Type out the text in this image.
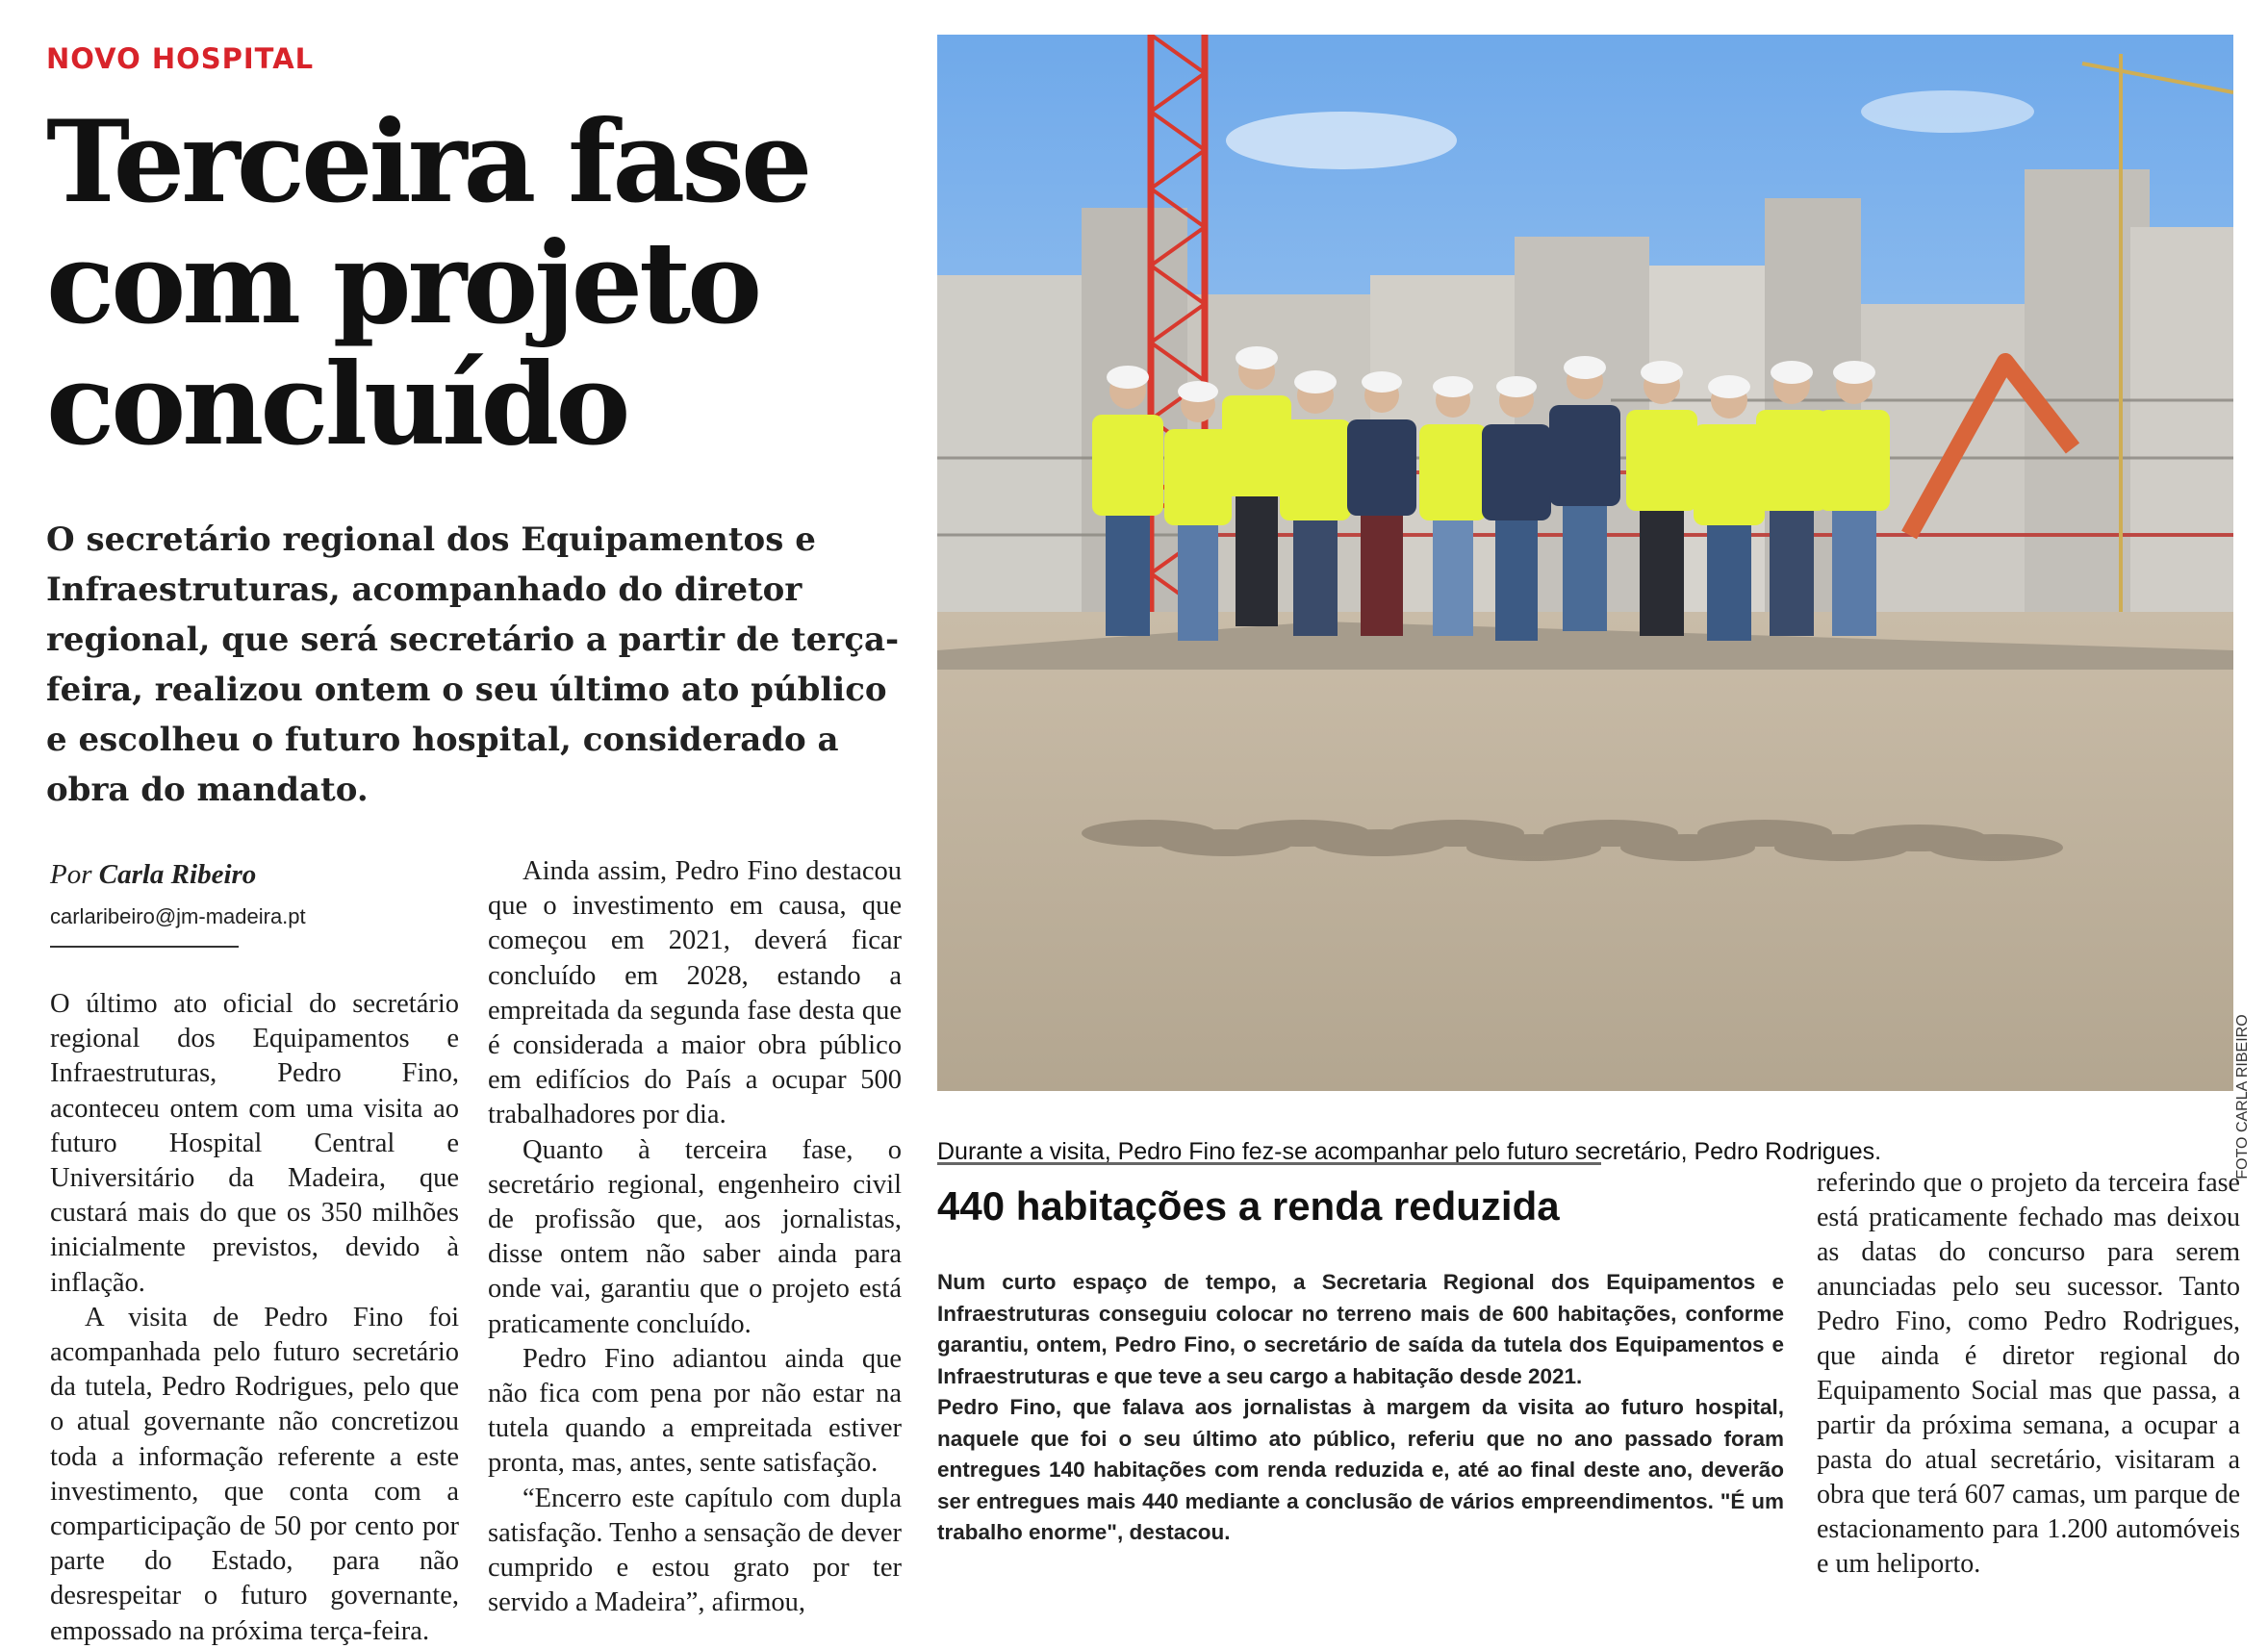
NOVO HOSPITAL
Terceira fase
com projeto
concluído

O secretário regional dos Equipamentos e Infraestruturas, acompanhado do diretor regional, que será secretário a partir de terça-feira, realizou ontem o seu último ato público e escolheu o futuro hospital, considerado a obra do mandato.

Por Carla Ribeiro
carlaribeiro@jm-madeira.pt

O último ato oficial do secretário regional dos Equipamentos e Infraestruturas, Pedro Fino, aconteceu ontem com uma visita ao futuro Hospital Central e Universitário da Madeira, que custará mais do que os 350 milhões inicialmente previstos, devido à inflação.

A visita de Pedro Fino foi acompanhada pelo futuro secretário da tutela, Pedro Rodrigues, pelo que o atual governante não concretizou toda a informação referente a este investimento, que conta com a comparticipação de 50 por cento por parte do Estado, para não desrespeitar o futuro governante, empossado na próxima terça-feira.

Ainda assim, Pedro Fino destacou que o investimento em causa, que começou em 2021, deverá ficar concluído em 2028, estando a empreitada da segunda fase desta que é considerada a maior obra público em edifícios do País a ocupar 500 trabalhadores por dia.

Quanto à terceira fase, o secretário regional, engenheiro civil de profissão que, aos jornalistas, disse ontem não saber ainda para onde vai, garantiu que o projeto está praticamente concluído.

Pedro Fino adiantou ainda que não fica com pena por não estar na tutela quando a empreitada estiver pronta, mas, antes, sente satisfação.

“Encerro este capítulo com dupla satisfação. Tenho a sensação de dever cumprido e estou grato por ter servido a Madeira”, afirmou,

FOTO CARLA RIBEIRO
Durante a visita, Pedro Fino fez-se acompanhar pelo futuro secretário, Pedro Rodrigues.
440 habitações a renda reduzida

Num curto espaço de tempo, a Secretaria Regional dos Equipamentos e Infraestruturas conseguiu colocar no terreno mais de 600 habitações, conforme garantiu, ontem, Pedro Fino, o secretário de saída da tutela dos Equipamentos e Infraestruturas e que teve a seu cargo a habitação desde 2021.

Pedro Fino, que falava aos jornalistas à margem da visita ao futuro hospital, naquele que foi o seu último ato público, referiu que no ano passado foram entregues 140 habitações com renda reduzida e, até ao final deste ano, deverão ser entregues mais 440 mediante a conclusão de vários empreendimentos. "É um trabalho enorme", destacou.

referindo que o projeto da terceira fase está praticamente fechado mas deixou as datas do concurso para serem anunciadas pelo seu sucessor. Tanto Pedro Fino, como Pedro Rodrigues, que ainda é diretor regional do Equipamento Social mas que passa, a partir da próxima semana, a ocupar a pasta do atual secretário, visitaram a obra que terá 607 camas, um parque de estacionamento para 1.200 automóveis e um heliporto.
